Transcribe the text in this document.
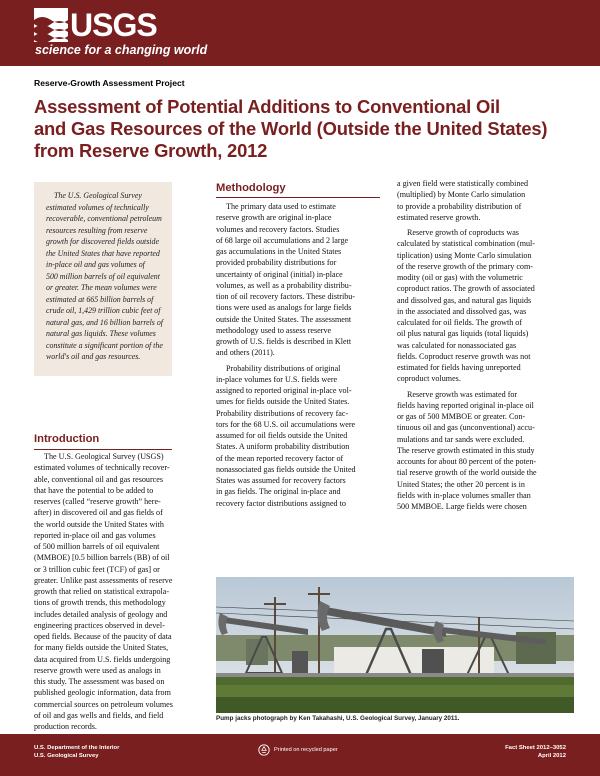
USGS
science for a changing world
Reserve-Growth Assessment Project
Assessment of Potential Additions to Conventional Oil
and Gas Resources of the World (Outside the United States)
from Reserve Growth, 2012
The U.S. Geological Survey
estimated volumes of technically
recoverable, conventional petroleum
resources resulting from reserve
growth for discovered fields outside
the United States that have reported
in-place oil and gas volumes of
500 million barrels of oil equivalent
or greater. The mean volumes were
estimated at 665 billion barrels of
crude oil, 1,429 trillion cubic feet of
natural gas, and 16 billion barrels of
natural gas liquids. These volumes
constitute a significant portion of the
world's oil and gas resources.
Introduction
The U.S. Geological Survey (USGS)
estimated volumes of technically recover-
able, conventional oil and gas resources
that have the potential to be added to
reserves (called “reserve growth” here-
after) in discovered oil and gas fields of
the world outside the United States with
reported in-place oil and gas volumes
of 500 million barrels of oil equivalent
(MMBOE) [0.5 billion barrels (BB) of oil
or 3 trillion cubic feet (TCF) of gas] or
greater. Unlike past assessments of reserve
growth that relied on statistical extrapola-
tions of growth trends, this methodology
includes detailed analysis of geology and
engineering practices observed in devel-
oped fields. Because of the paucity of data
for many fields outside the United States,
data acquired from U.S. fields undergoing
reserve growth were used as analogs in
this study. The assessment was based on
published geologic information, data from
commercial sources on petroleum volumes
of oil and gas wells and fields, and field
production records.
Methodology
The primary data used to estimate
reserve growth are original in-place
volumes and recovery factors. Studies
of 68 large oil accumulations and 2 large
gas accumulations in the United States
provided probability distributions for
uncertainty of original (initial) in-place
volumes, as well as a probability distribu-
tion of oil recovery factors. These distribu-
tions were used as analogs for large fields
outside the United States. The assessment
methodology used to assess reserve
growth of U.S. fields is described in Klett
and others (2011).
Probability distributions of original
in-place volumes for U.S. fields were
assigned to reported original in-place vol-
umes for fields outside the United States.
Probability distributions of recovery fac-
tors for the 68 U.S. oil accumulations were
assumed for oil fields outside the United
States. A uniform probability distribution
of the mean reported recovery factor of
nonassociated gas fields outside the United
States was assumed for recovery factors
in gas fields. The original in-place and
recovery factor distributions assigned to
a given field were statistically combined
(multiplied) by Monte Carlo simulation
to provide a probability distribution of
estimated reserve growth.
Reserve growth of coproducts was
calculated by statistical combination (mul-
tiplication) using Monte Carlo simulation
of the reserve growth of the primary com-
modity (oil or gas) with the volumetric
coproduct ratios. The growth of associated
and dissolved gas, and natural gas liquids
in the associated and dissolved gas, was
calculated for oil fields. The growth of
oil plus natural gas liquids (total liquids)
was calculated for nonassociated gas
fields. Coproduct reserve growth was not
estimated for fields having unreported
coproduct volumes.
Reserve growth was estimated for
fields having reported original in-place oil
or gas of 500 MMBOE or greater. Con-
tinuous oil and gas (unconventional) accu-
mulations and tar sands were excluded.
The reserve growth estimated in this study
accounts for about 80 percent of the poten-
tial reserve growth of the world outside the
United States; the other 20 percent is in
fields with in-place volumes smaller than
500 MMBOE. Large fields were chosen
Pump jacks photograph by Ken Takahashi, U.S. Geological Survey, January 2011.
U.S. Department of the Interior
U.S. Geological Survey
Printed on recycled paper	Fact Sheet 2012–3052
April 2012
